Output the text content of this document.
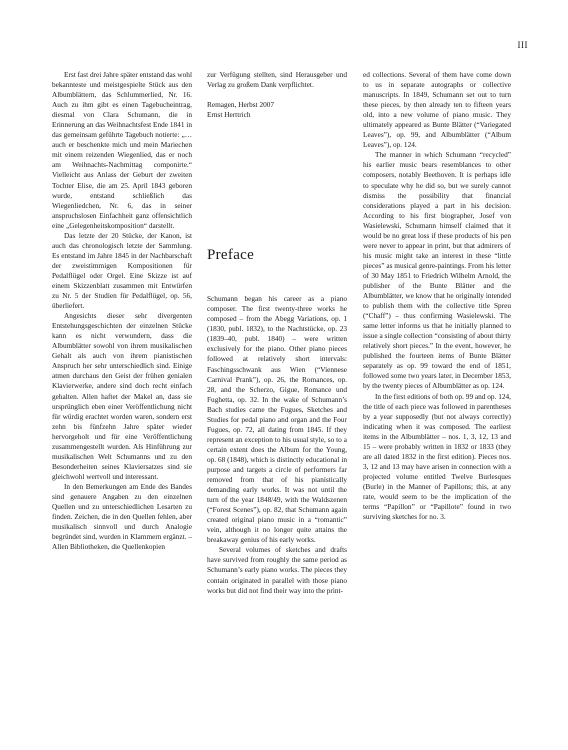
III

Erst fast drei Jahre später entstand das wohl bekannteste und meistgespielte Stück aus den Albumblättern, das Schlummerlied, Nr. 16. Auch zu ihm gibt es einen Tagebucheintrag, diesmal von Clara Schumann, die in Erinnerung an das Weihnachtsfest Ende 1841 in das gemeinsam geführte Tagebuch notierte: „… auch er beschenkte mich und mein Mariechen mit einem reizenden Wiegenlied, das er noch am Weihnachts-Nachmittag componirte.“ Vielleicht aus Anlass der Geburt der zweiten Tochter Elise, die am 25. April 1843 geboren wurde, entstand schließlich das Wiegenliedchen, Nr. 6, das in seiner anspruchslosen Einfachheit ganz offensichtlich eine „Gelegenheitskomposition“ darstellt.

Das letzte der 20 Stücke, der Kanon, ist auch das chronologisch letzte der Sammlung. Es entstand im Jahre 1845 in der Nachbarschaft der zweistimmigen Kompositionen für Pedalflügel oder Orgel. Eine Skizze ist auf einem Skizzenblatt zusammen mit Entwürfen zu Nr. 5 der Studien für Pedalflügel, op. 56, überliefert.

Angesichts dieser sehr divergenten Entstehungsgeschichten der einzelnen Stücke kann es nicht verwundern, dass die Albumblätter sowohl von ihrem musikalischen Gehalt als auch von ihrem pianistischen Anspruch her sehr unterschiedlich sind. Einige atmen durchaus den Geist der frühen genialen Klavierwerke, andere sind doch recht einfach gehalten. Allen haftet der Makel an, dass sie ursprünglich eben einer Veröffentlichung nicht für würdig erachtet worden waren, sondern erst zehn bis fünfzehn Jahre später wieder hervorgeholt und für eine Veröffentlichung zusammengestellt wurden. Als Hinführung zur musikalischen Welt Schumanns und zu den Besonderheiten seines Klaviersatzes sind sie gleichwohl wertvoll und interessant.

In den Bemerkungen am Ende des Bandes sind genauere Angaben zu den einzelnen Quellen und zu unterschiedlichen Lesarten zu finden. Zeichen, die in den Quellen fehlen, aber musikalisch sinnvoll und durch Analogie begründet sind, wurden in Klammern ergänzt. – Allen Bibliotheken, die Quellenkopien

zur Verfügung stellten, sind Herausgeber und Verlag zu großem Dank verpflichtet.

Remagen, Herbst 2007
Ernst Herttrich
Preface

Schumann began his career as a piano composer. The first twenty-three works he composed – from the Abegg Variations, op. 1 (1830, publ. 1832), to the Nachtstücke, op. 23 (1839–40, publ. 1840) – were written exclusively for the piano. Other piano pieces followed at relatively short intervals: Faschingsschwank aus Wien (“Viennese Carnival Prank”), op. 26, the Romances, op. 28, and the Scherzo, Gigue, Romance und Fughetta, op. 32. In the wake of Schumann’s Bach studies came the Fugues, Sketches and Studies for pedal piano and organ and the Four Fugues, op. 72, all dating from 1845. If they represent an exception to his usual style, so to a certain extent does the Album for the Young, op. 68 (1848), which is distinctly educational in purpose and targets a circle of performers far removed from that of his pianistically demanding early works. It was not until the turn of the year 1848/49, with the Waldszenen (“Forest Scenes”), op. 82, that Schumann again created original piano music in a “romantic” vein, although it no longer quite attains the breakaway genius of his early works.

Several volumes of sketches and drafts have survived from roughly the same period as Schumann’s early piano works. The pieces they contain originated in parallel with those piano works but did not find their way into the print-

ed collections. Several of them have come down to us in separate autographs or collective manuscripts. In 1849, Schumann set out to turn these pieces, by then already ten to fifteen years old, into a new volume of piano music. They ultimately appeared as Bunte Blätter (“Variegated Leaves”), op. 99, and Albumblätter (“Album Leaves”), op. 124.

The manner in which Schumann “recycled” his earlier music bears resemblances to other composers, notably Beethoven. It is perhaps idle to speculate why he did so, but we surely cannot dismiss the possibility that financial considerations played a part in his decision. According to his first biographer, Josef von Wasielewski, Schumann himself claimed that it would be no great loss if these products of his pen were never to appear in print, but that admirers of his music might take an interest in these “little pieces” as musical genre-paintings. From his letter of 30 May 1851 to Friedrich Wilhelm Arnold, the publisher of the Bunte Blätter and the Albumblätter, we know that he originally intended to publish them with the collective title Spreu (“Chaff”) – thus confirming Wasielewski. The same letter informs us that he initially planned to issue a single collection “consisting of about thirty relatively short pieces.” In the event, however, he published the fourteen items of Bunte Blätter separately as op. 99 toward the end of 1851, followed some two years later, in December 1853, by the twenty pieces of Albumblätter as op. 124.

In the first editions of both op. 99 and op. 124, the title of each piece was followed in parentheses by a year supposedly (but not always correctly) indicating when it was composed. The earliest items in the Albumblätter – nos. 1, 3, 12, 13 and 15 – were probably written in 1832 or 1833 (they are all dated 1832 in the first edition). Pieces nos. 3, 12 and 13 may have arisen in connection with a projected volume entitled Twelve Burlesques (Burle) in the Manner of Papillons; this, at any rate, would seem to be the implication of the terms “Papillon” or “Papillote” found in two surviving sketches for no. 3.
